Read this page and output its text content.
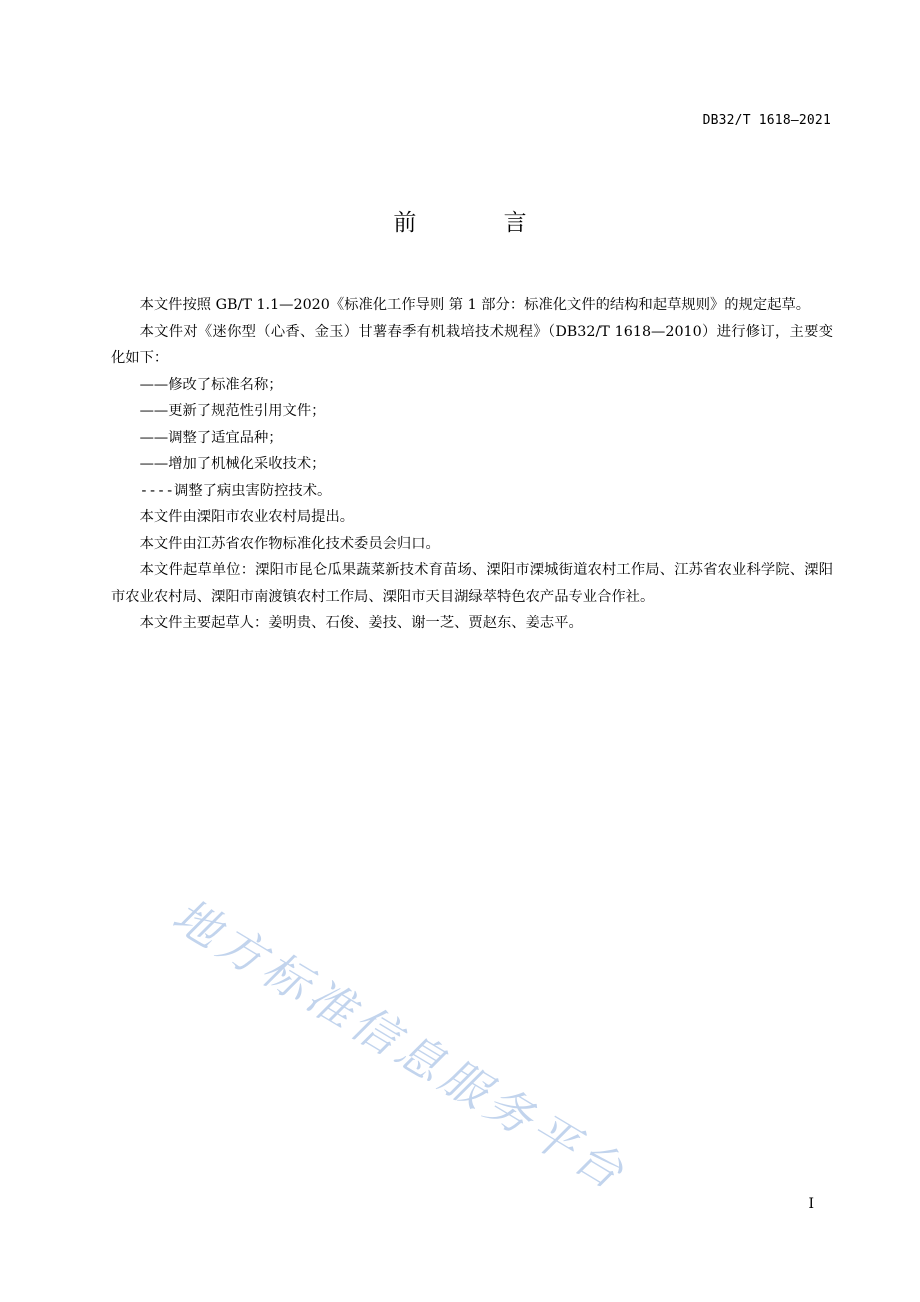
DB32/T 1618—2021
前 言

本文件按照 GB/T 1.1—2020《标准化工作导则 第 1 部分：标准化文件的结构和起草规则》的规定起草。

本文件对《迷你型（心香、金玉）甘薯春季有机栽培技术规程》（DB32/T 1618—2010）进行修订，主要变化如下：

——修改了标准名称；

——更新了规范性引用文件；

——调整了适宜品种；

——增加了机械化采收技术；

----调整了病虫害防控技术。

本文件由溧阳市农业农村局提出。

本文件由江苏省农作物标准化技术委员会归口。

本文件起草单位：溧阳市昆仑瓜果蔬菜新技术育苗场、溧阳市溧城街道农村工作局、江苏省农业科学院、溧阳市农业农村局、溧阳市南渡镇农村工作局、溧阳市天目湖绿萃特色农产品专业合作社。

本文件主要起草人：姜明贵、石俊、姜技、谢一芝、贾赵东、姜志平。

地方标准信息服务平台
I
